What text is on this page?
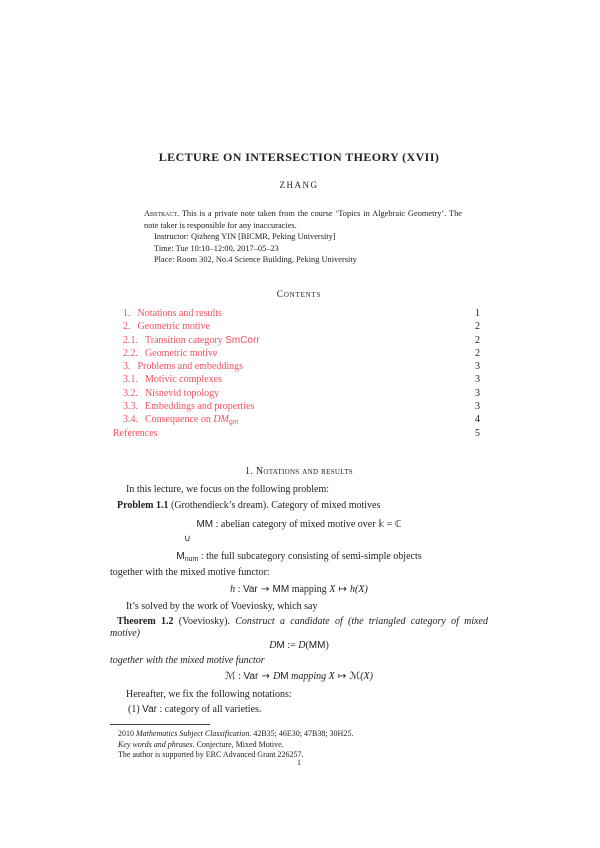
LECTURE ON INTERSECTION THEORY (XVII)
ZHANG
Abstract. This is a private note taken from the course ‘Topics in Algebraic Geometry’. The note taker is responsible for any inaccuracies.
Instructor: Qizheng YIN [BICMR, Peking University]
Time: Tue 10:10–12:00, 2017–05–23
Place: Room 302, No.4 Science Building, Peking University
Contents
1. Notations and results	1
2. Geometric motive	2
2.1. Transition category SmCorr	2
2.2. Geometric motive	2
3. Problems and embeddings	3
3.1. Motivic complexes	3
3.2. Nisnevid topology	3
3.3. Embeddings and properties	3
3.4. Consequence on $DM_{gm}$	4
References	5
1. Notations and results
In this lecture, we focus on the following problem:
Problem 1.1 (Grothendieck’s dream). Category of mixed motives
MM : abelian category of mixed motive over 𝕜 = ℂ
∪
$M_{num}$ : the full subcategory consisting of semi-simple objects
together with the mixed motive functor:
h : Var → MM mapping X ↦ h(X)
It’s solved by the work of Voeviosky, which say
Theorem 1.2 (Voeviosky). Construct a candidate of (the triangled category of mixed motive)
DM := D(MM)
together with the mixed motive functor
ℳ : Var → DM mapping X ↦ ℳ(X)
Hereafter, we fix the following notations:
(1) Var : category of all varieties.
2010 Mathematics Subject Classification. 42B35; 46E30; 47B38; 30H25.
Key words and phrases. Conjecture, Mixed Motive.
The author is supported by ERC Advanced Grant 226257.
1
